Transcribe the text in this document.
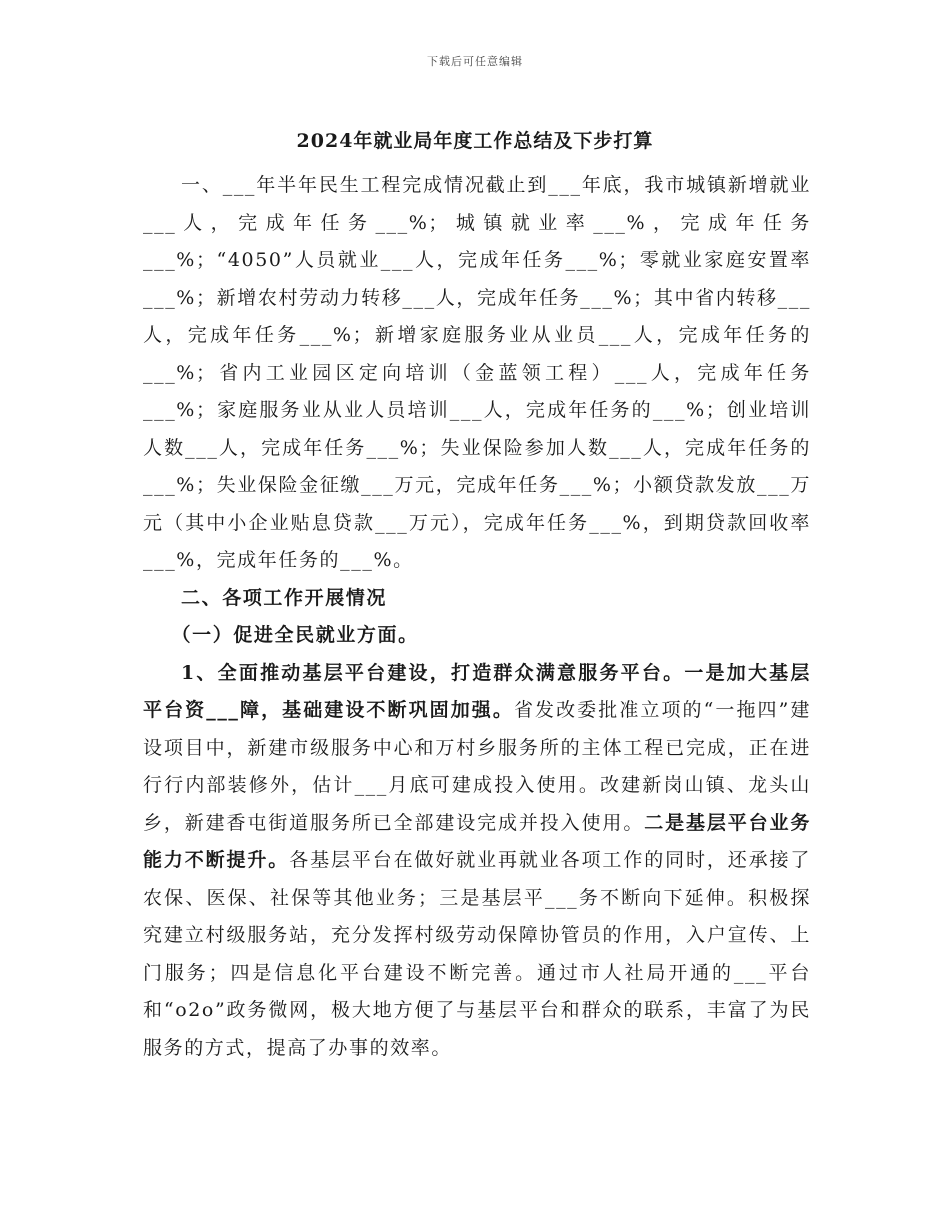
下载后可任意编辑
2024年就业局年度工作总结及下步打算

一、___年半年民生工程完成情况截止到___年底，我市城镇新增就业___人，完成年任务___%；城镇就业率___%，完成年任务___%；“4050”人员就业___人，完成年任务___%；零就业家庭安置率___%；新增农村劳动力转移___人，完成年任务___%；其中省内转移___人，完成年任务___%；新增家庭服务业从业员___人，完成年任务的___%；省内工业园区定向培训（金蓝领工程）___人，完成年任务___%；家庭服务业从业人员培训___人，完成年任务的___%；创业培训人数___人，完成年任务___%；失业保险参加人数___人，完成年任务的___%；失业保险金征缴___万元，完成年任务___%；小额贷款发放___万元（其中小企业贴息贷款___万元），完成年任务___%，到期贷款回收率___%，完成年任务的___%。

二、各项工作开展情况

（一）促进全民就业方面。

1、全面推动基层平台建设，打造群众满意服务平台。一是加大基层平台资___障，基础建设不断巩固加强。省发改委批准立项的“一拖四”建设项目中，新建市级服务中心和万村乡服务所的主体工程已完成，正在进行行内部装修外，估计___月底可建成投入使用。改建新岗山镇、龙头山乡，新建香屯街道服务所已全部建设完成并投入使用。二是基层平台业务能力不断提升。各基层平台在做好就业再就业各项工作的同时，还承接了农保、医保、社保等其他业务；三是基层平___务不断向下延伸。积极探究建立村级服务站，充分发挥村级劳动保障协管员的作用，入户宣传、上门服务；四是信息化平台建设不断完善。通过市人社局开通的___平台和“o2o”政务微网，极大地方便了与基层平台和群众的联系，丰富了为民服务的方式，提高了办事的效率。
